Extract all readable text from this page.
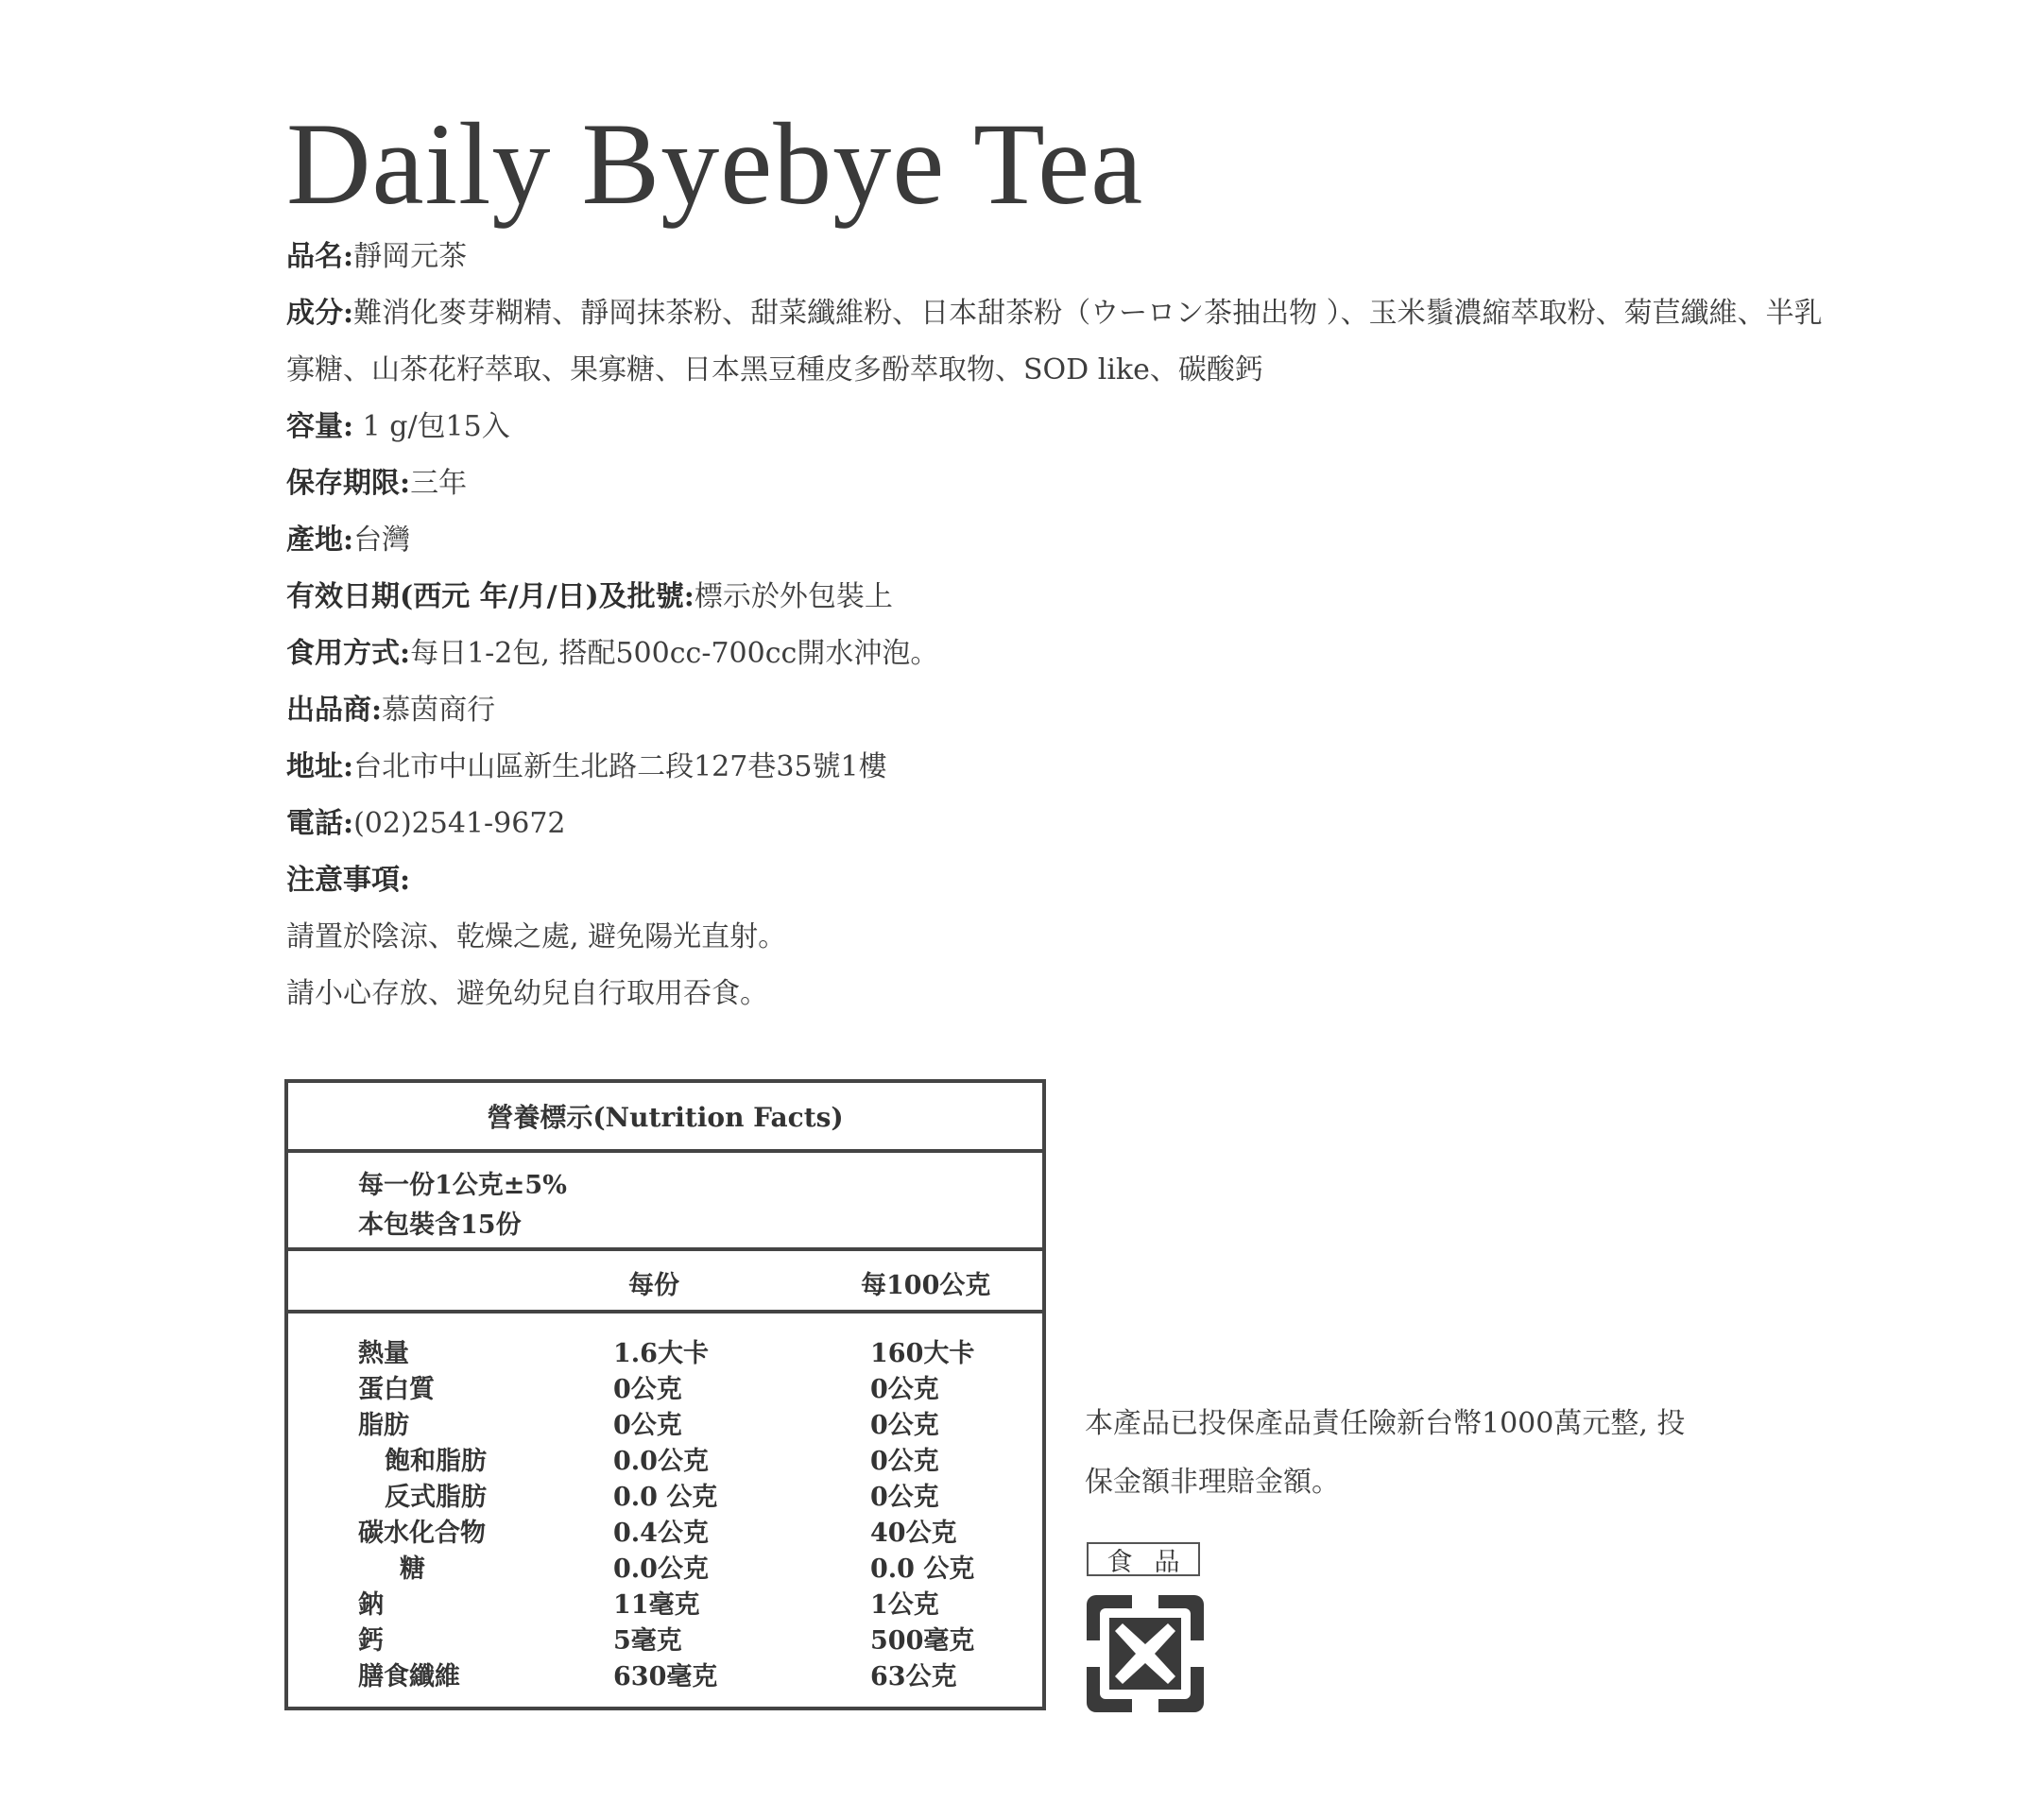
Daily Byebye Tea
品名:靜岡元茶
成分:難消化麥芽糊精、靜岡抹茶粉、甜菜纖維粉、日本甜茶粉（ウーロン茶抽出物 ）、玉米鬚濃縮萃取粉、菊苣纖維、半乳
寡糖、山茶花籽萃取、果寡糖、日本黑豆種皮多酚萃取物、SOD like、碳酸鈣
容量: 1 g/包15入
保存期限:三年
產地:台灣
有效日期(西元 年/月/日)及批號:標示於外包裝上
食用方式:每日1-2包, 搭配500cc-700cc開水沖泡。
出品商:慕茵商行
地址:台北市中山區新生北路二段127巷35號1樓
電話:(02)2541-9672
注意事項:
請置於陰涼、乾燥之處, 避免陽光直射。
請小心存放、避免幼兒自行取用吞食。
營養標示(Nutrition Facts)
每一份1公克±5%
本包裝含15份
每份	每100公克
熱量	1.6大卡	160大卡
蛋白質	0公克	0公克
脂肪	0公克	0公克
飽和脂肪	0.0公克	0公克
反式脂肪	0.0 公克	0公克
碳水化合物	0.4公克	40公克
糖	0.0公克	0.0 公克
鈉	11毫克	1公克
鈣	5毫克	500毫克
膳食纖維	630毫克	63公克
本產品已投保產品責任險新台幣1000萬元整, 投
保金額非理賠金額。
食 品
